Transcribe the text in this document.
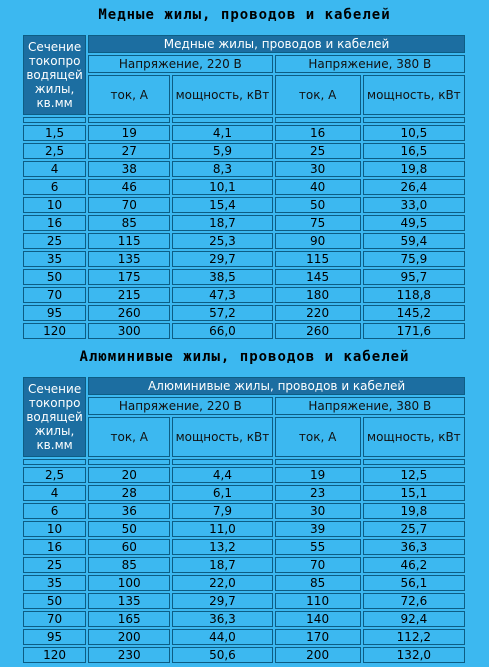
Медные жилы, проводов и кабелей
Сечение токопро водящей жилы, кв.мм	Медные жилы, проводов и кабелей			
	Напряжение, 220 В		Напряжение, 380 В	
	ток, А	мощность, кВт	ток, А	мощность, кВт

1,5	19	4,1	16	10,5
2,5	27	5,9	25	16,5
4	38	8,3	30	19,8
6	46	10,1	40	26,4
10	70	15,4	50	33,0
16	85	18,7	75	49,5
25	115	25,3	90	59,4
35	135	29,7	115	75,9
50	175	38,5	145	95,7
70	215	47,3	180	118,8
95	260	57,2	220	145,2
120	300	66,0	260	171,6
Алюминивые жилы, проводов и кабелей
Сечение токопро водящей жилы, кв.мм	Алюминивые жилы, проводов и кабелей			
	Напряжение, 220 В		Напряжение, 380 В	
	ток, А	мощность, кВт	ток, А	мощность, кВт

2,5	20	4,4	19	12,5
4	28	6,1	23	15,1
6	36	7,9	30	19,8
10	50	11,0	39	25,7
16	60	13,2	55	36,3
25	85	18,7	70	46,2
35	100	22,0	85	56,1
50	135	29,7	110	72,6
70	165	36,3	140	92,4
95	200	44,0	170	112,2
120	230	50,6	200	132,0
